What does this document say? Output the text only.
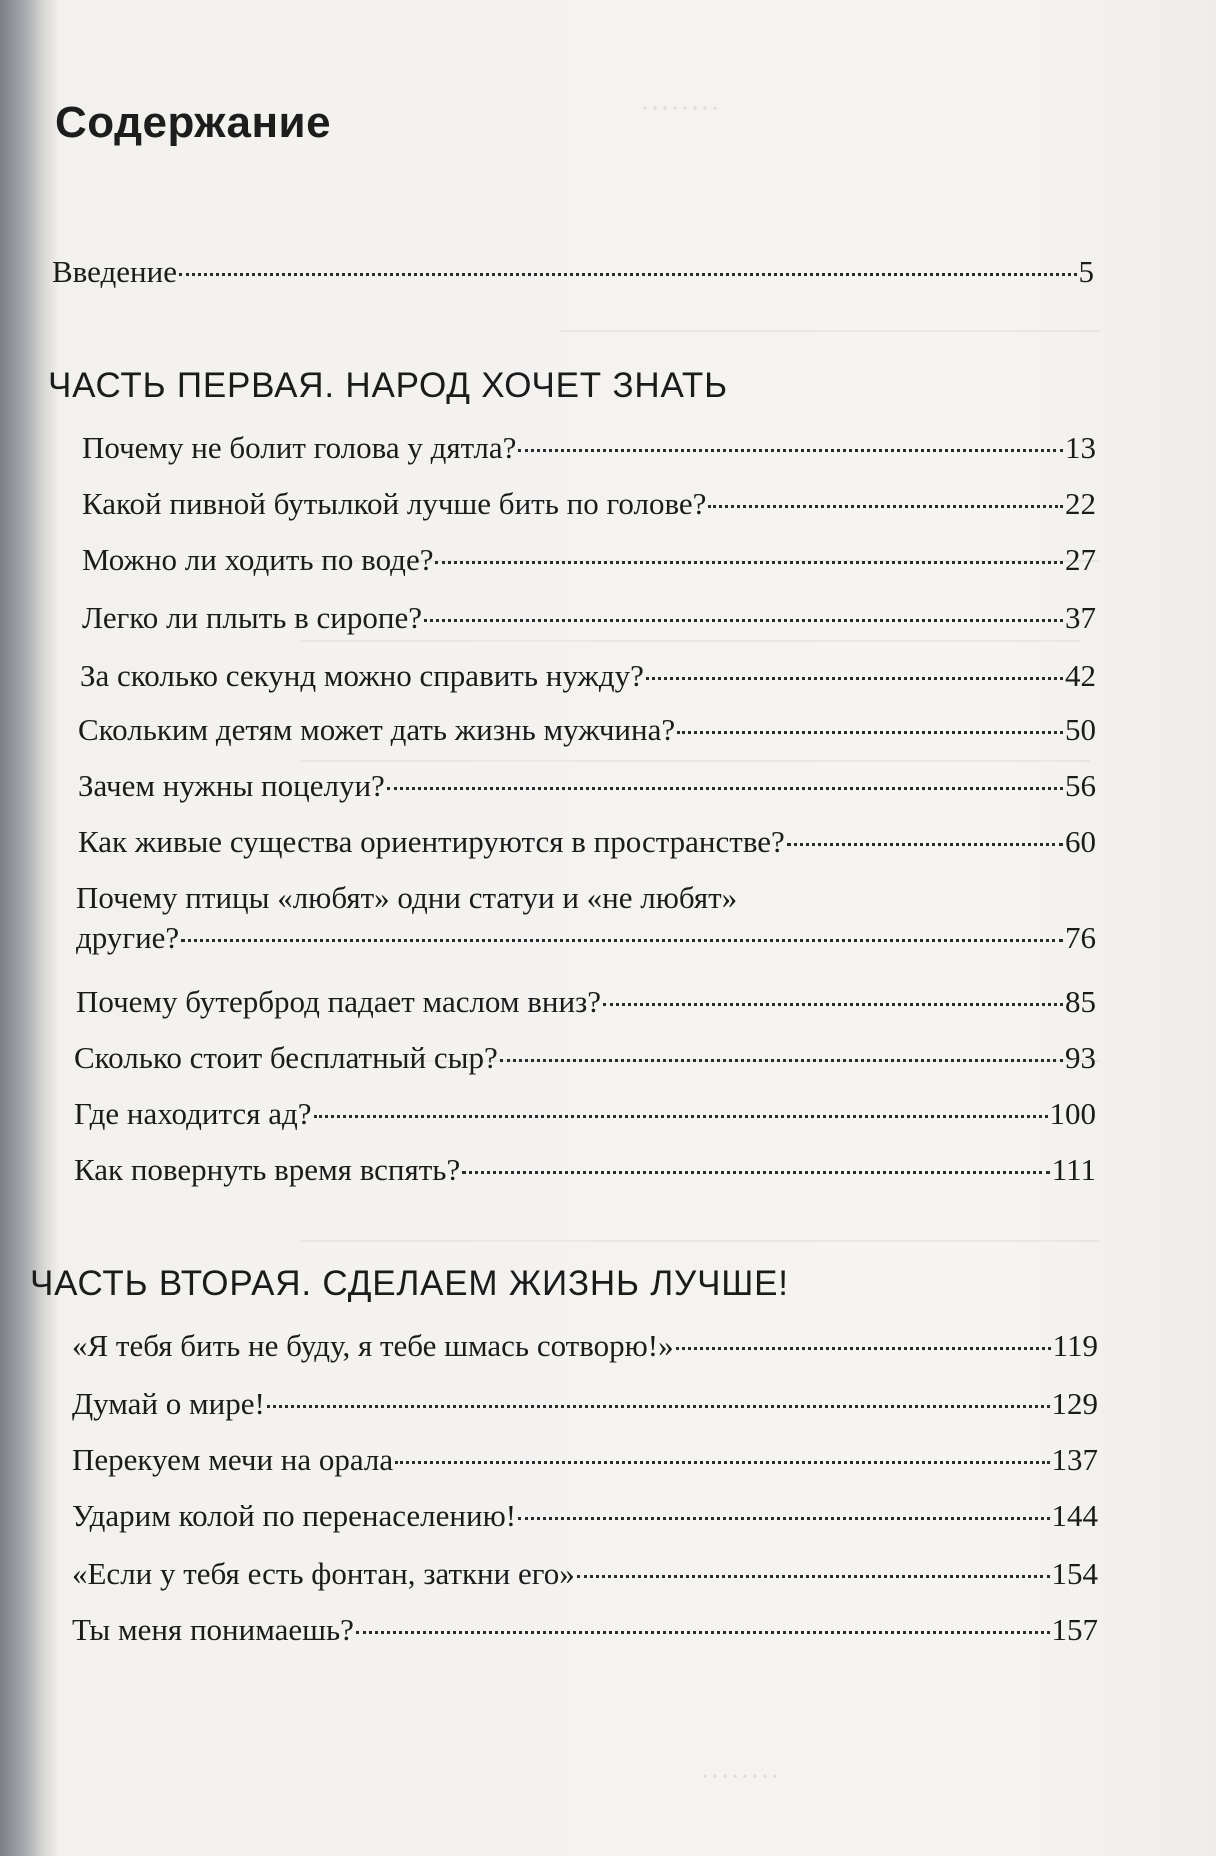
········
········
Содержание
Введение	5
ЧАСТЬ ПЕРВАЯ. НАРОД ХОЧЕТ ЗНАТЬ
Почему не болит голова у дятла?	13
Какой пивной бутылкой лучше бить по голове?	22
Можно ли ходить по воде?	27
Легко ли плыть в сиропе?	37
За сколько секунд можно справить нужду?	42
Скольким детям может дать жизнь мужчина?	50
Зачем нужны поцелуи?	56
Как живые существа ориентируются в пространстве?	60
Почему птицы «любят» одни статуи и «не любят»
другие?	76
Почему бутерброд падает маслом вниз?	85
Сколько стоит бесплатный сыр?	93
Где находится ад?	100
Как повернуть время вспять?	111
ЧАСТЬ ВТОРАЯ. СДЕЛАЕМ ЖИЗНЬ ЛУЧШЕ!
«Я тебя бить не буду, я тебе шмась сотворю!»	119
Думай о мире!	129
Перекуем мечи на орала	137
Ударим колой по перенаселению!	144
«Если у тебя есть фонтан, заткни его»	154
Ты меня понимаешь?	157
